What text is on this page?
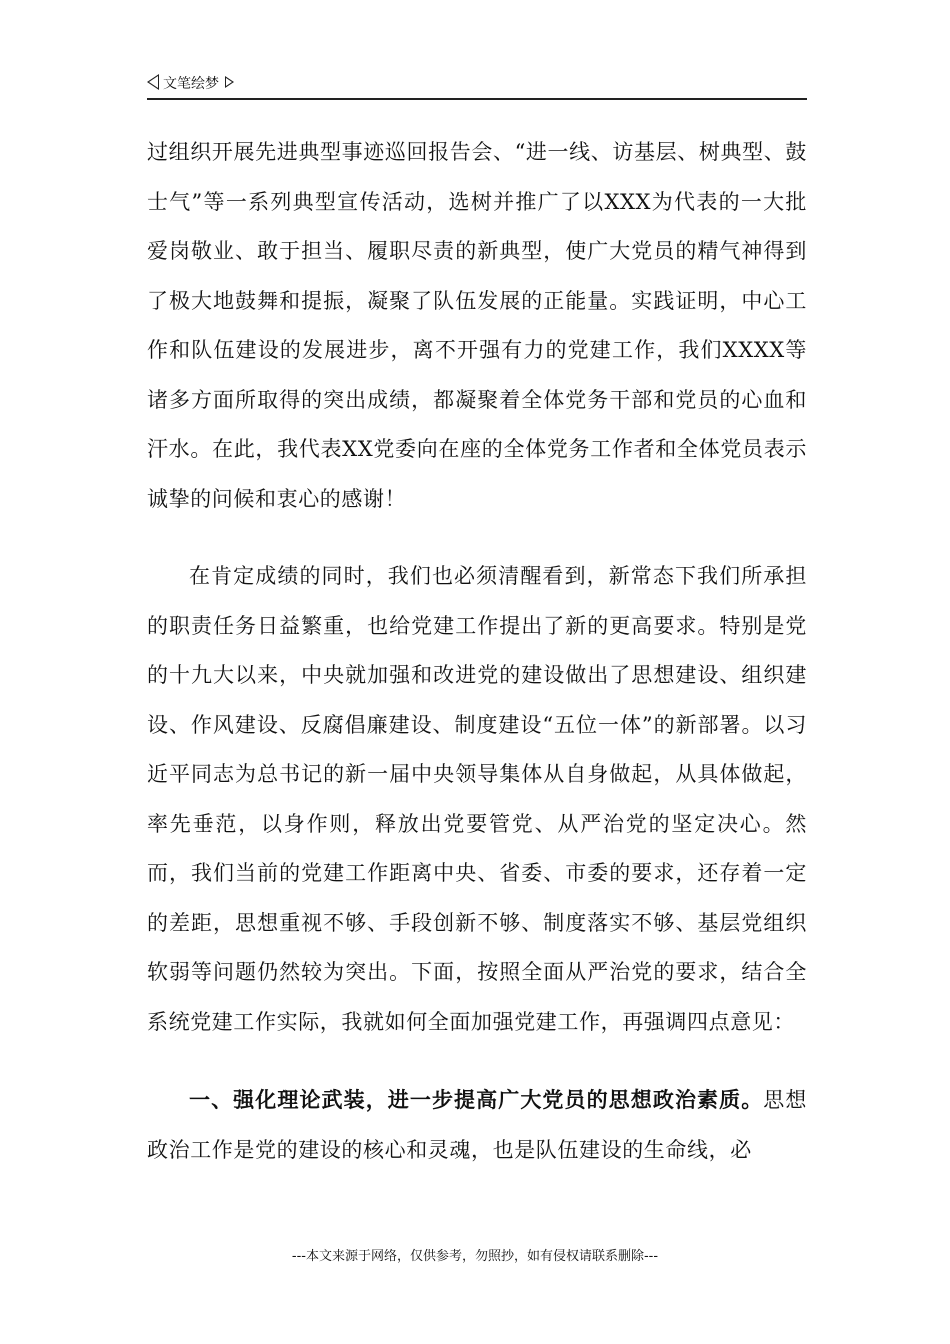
文笔绘梦

过组织开展先进典型事迹巡回报告会、“进一线、访基层、树典型、鼓士气”等一系列典型宣传活动，选树并推广了以XXX为代表的一大批爱岗敬业、敢于担当、履职尽责的新典型，使广大党员的精气神得到了极大地鼓舞和提振，凝聚了队伍发展的正能量。实践证明，中心工作和队伍建设的发展进步，离不开强有力的党建工作，我们XXXX等诸多方面所取得的突出成绩，都凝聚着全体党务干部和党员的心血和汗水。在此，我代表XX党委向在座的全体党务工作者和全体党员表示诚挚的问候和衷心的感谢！

在肯定成绩的同时，我们也必须清醒看到，新常态下我们所承担的职责任务日益繁重，也给党建工作提出了新的更高要求。特别是党的十九大以来，中央就加强和改进党的建设做出了思想建设、组织建设、作风建设、反腐倡廉建设、制度建设“五位一体”的新部署。以习近平同志为总书记的新一届中央领导集体从自身做起，从具体做起，率先垂范，以身作则，释放出党要管党、从严治党的坚定决心。然而，我们当前的党建工作距离中央、省委、市委的要求，还存着一定的差距，思想重视不够、手段创新不够、制度落实不够、基层党组织软弱等问题仍然较为突出。下面，按照全面从严治党的要求，结合全系统党建工作实际，我就如何全面加强党建工作，再强调四点意见：

一、强化理论武装，进一步提高广大党员的思想政治素质。思想政治工作是党的建设的核心和灵魂，也是队伍建设的生命线，必

---本文来源于网络，仅供参考，勿照抄，如有侵权请联系删除---
